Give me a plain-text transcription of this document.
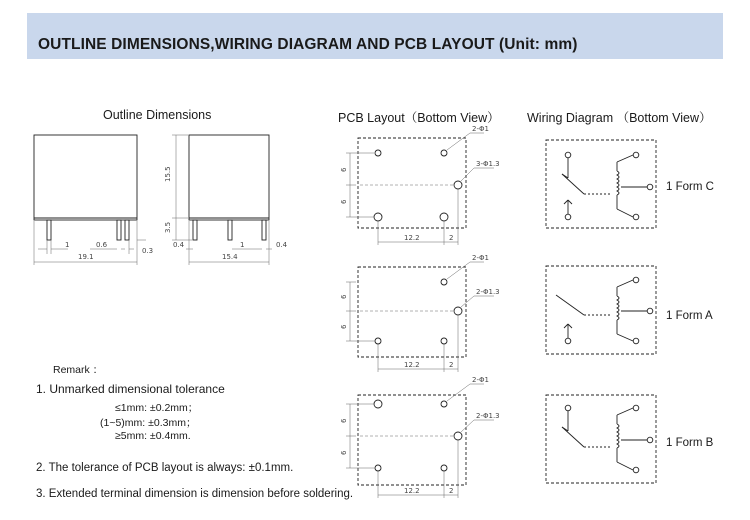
OUTLINE DIMENSIONS,WIRING DIAGRAM AND PCB LAYOUT (Unit: mm)
Outline Dimensions	PCB Layout（Bottom View） Wiring Diagram （Bottom View）
1	0.6
0.3
19.1
15.5
3.5
0.4	1	0.4
15.4
2-Φ1
3-Φ1.3
6
6
12.2	2
2-Φ1
2-Φ1.3
6
6
12.2	2
2-Φ1
2-Φ1.3
6
6
12.2	2
1 Form C
1 Form A
1 Form B
Remark ：
1. Unmarked dimensional tolerance
≤1mm: ±0.2mm；
(1~5)mm: ±0.3mm；
≥5mm: ±0.4mm.
2. The tolerance of PCB layout is always: ±0.1mm.
3. Extended terminal dimension is dimension before soldering.
